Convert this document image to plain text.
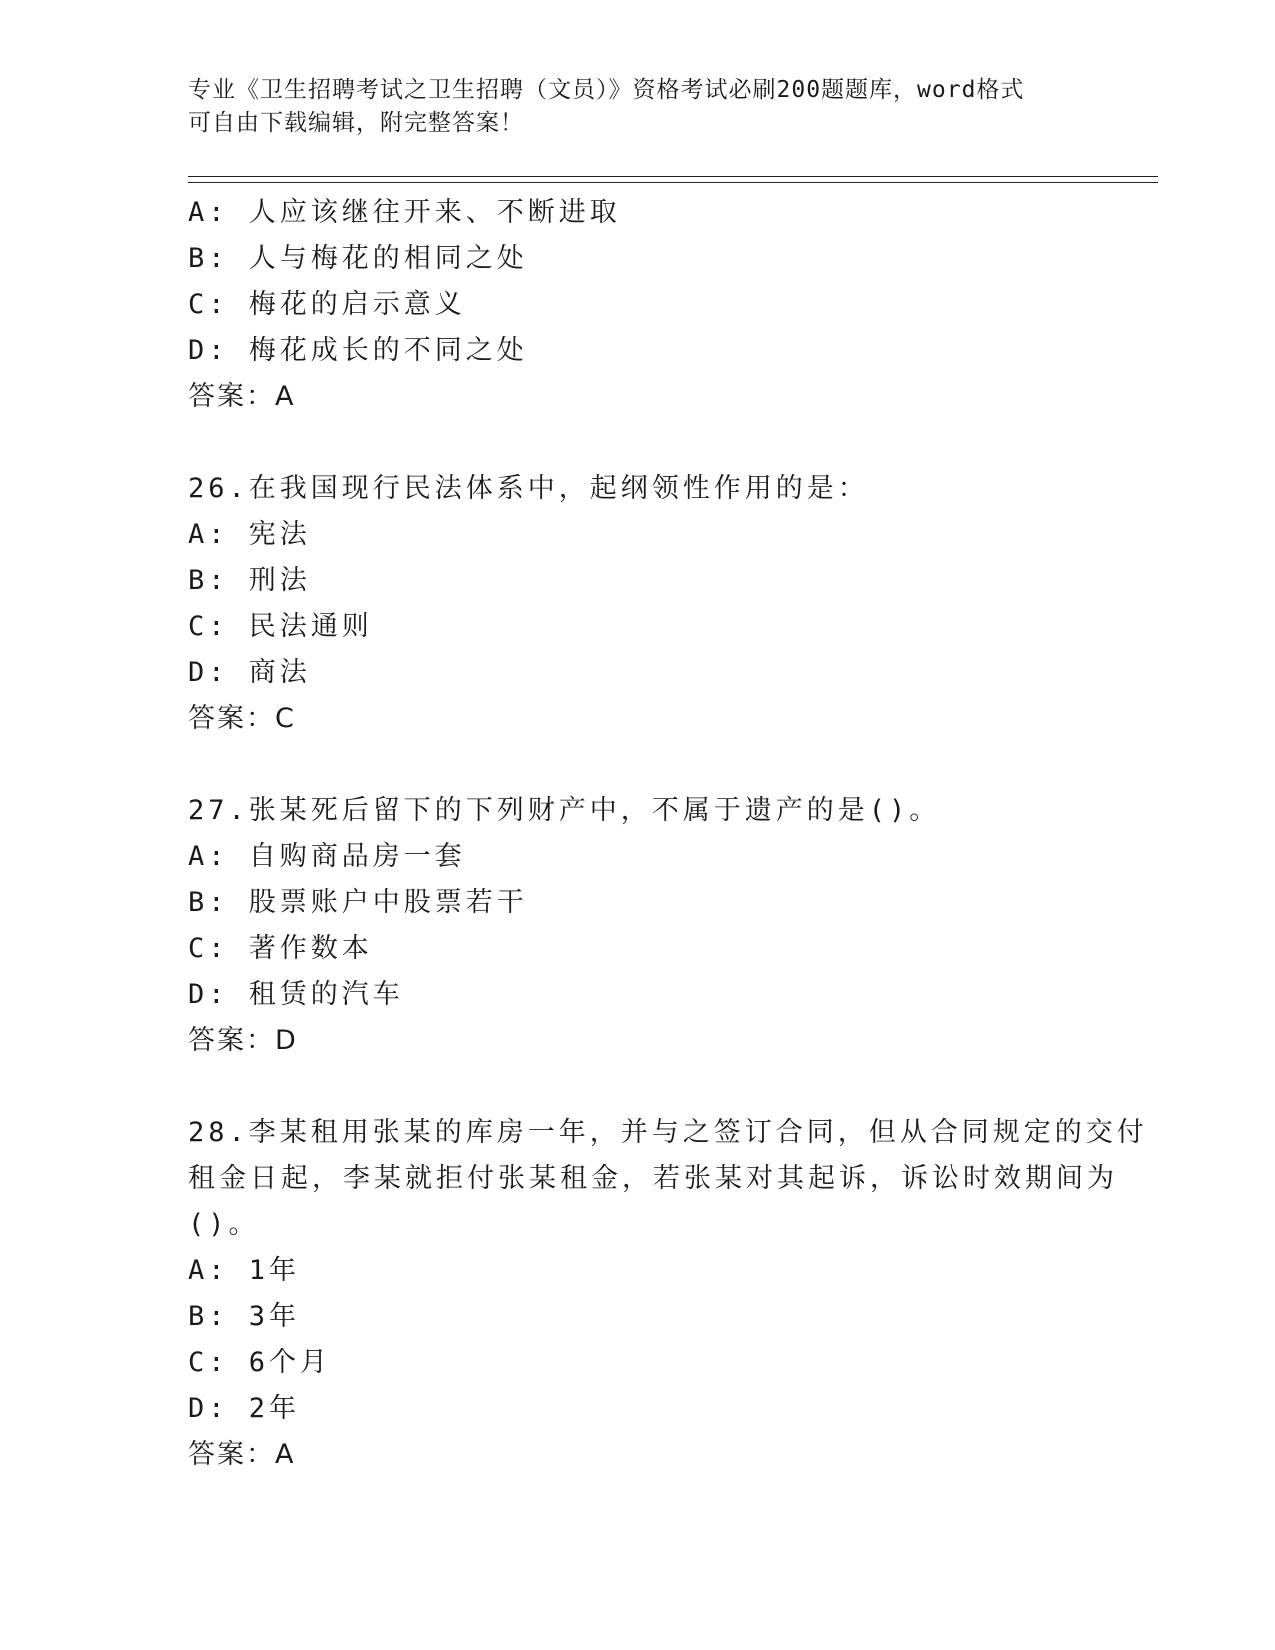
专业《卫生招聘考试之卫生招聘（文员）》资格考试必刷200题题库，word格式
可自由下载编辑，附完整答案！
A: 人应该继往开来、不断进取
B: 人与梅花的相同之处
C: 梅花的启示意义
D: 梅花成长的不同之处
答案：A
26.在我国现行民法体系中，起纲领性作用的是：
A: 宪法
B: 刑法
C: 民法通则
D: 商法
答案：C
27.张某死后留下的下列财产中，不属于遗产的是()。
A: 自购商品房一套
B: 股票账户中股票若干
C: 著作数本
D: 租赁的汽车
答案：D
28.李某租用张某的库房一年，并与之签订合同，但从合同规定的交付
租金日起，李某就拒付张某租金，若张某对其起诉，诉讼时效期间为
()。
A: 1年
B: 3年
C: 6个月
D: 2年
答案：A
